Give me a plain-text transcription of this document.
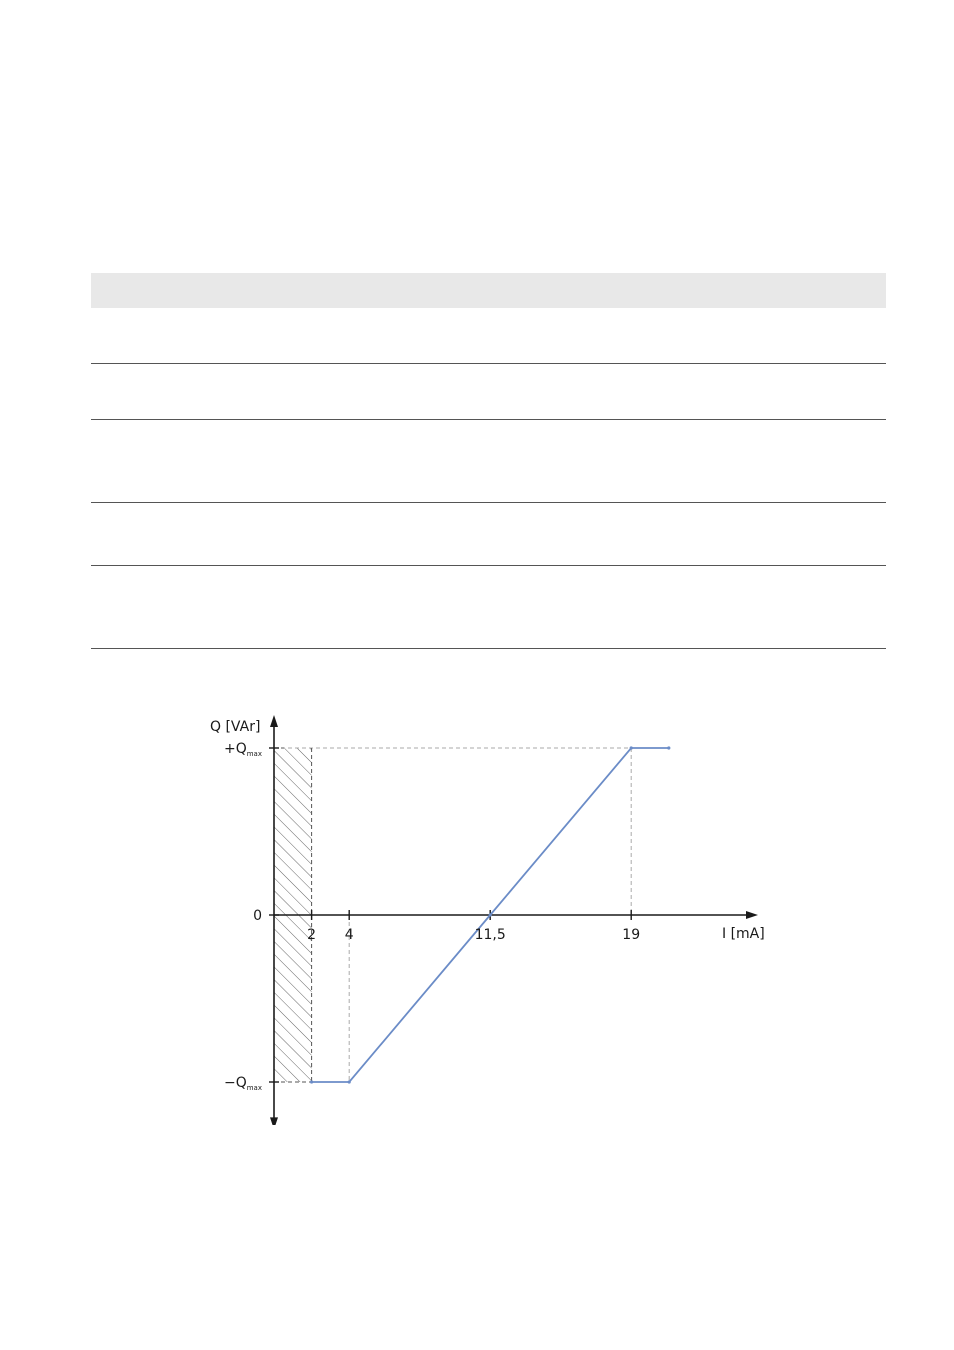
Q [VAr]
I [mA]
2 4	11,5	19
$+Q_{max}$
0
$-Q_{max}$
